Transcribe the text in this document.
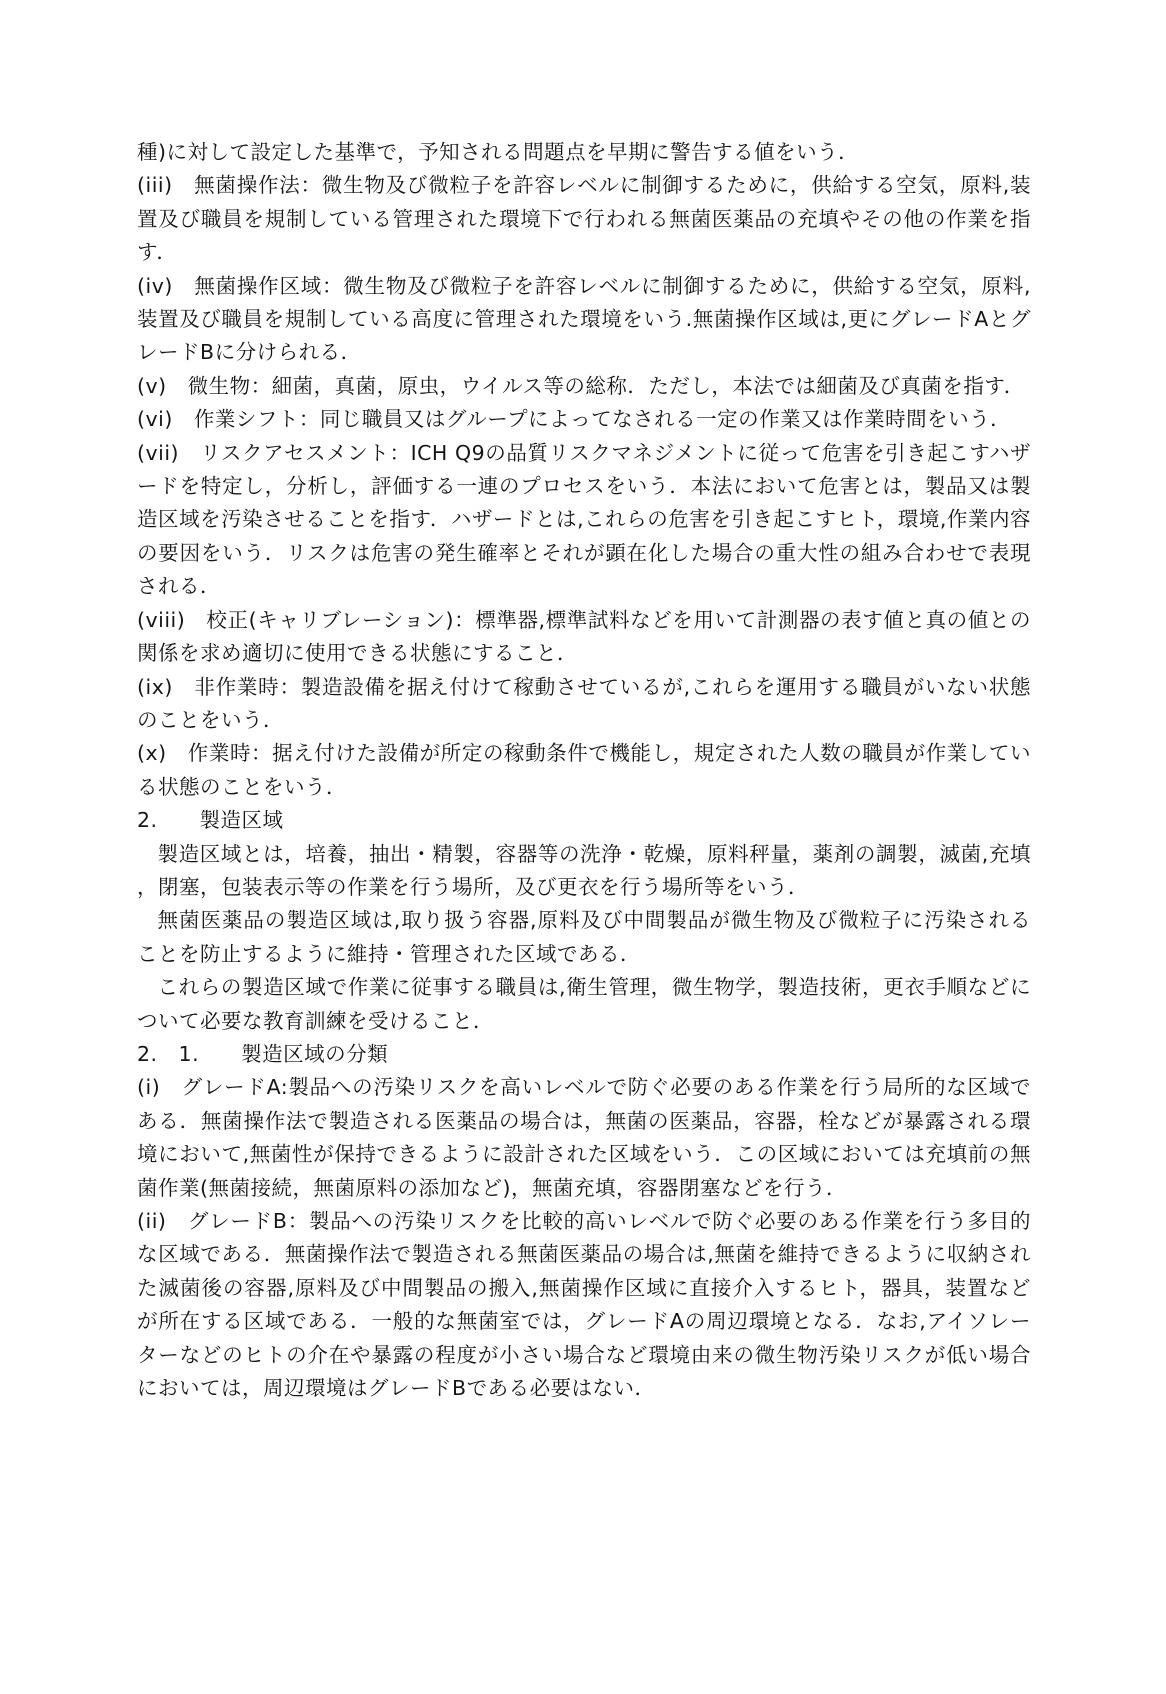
種)に対して設定した基準で，予知される問題点を早期に警告する値をいう．

(iii)　無菌操作法：微生物及び微粒子を許容レベルに制御するために，供給する空気，原料,装置及び職員を規制している管理された環境下で行われる無菌医薬品の充填やその他の作業を指す．

(iv)　無菌操作区域：微生物及び微粒子を許容レベルに制御するために，供給する空気，原料,装置及び職員を規制している高度に管理された環境をいう.無菌操作区域は,更にグレードAとグレードBに分けられる．

(v)　微生物：細菌，真菌，原虫，ウイルス等の総称．ただし，本法では細菌及び真菌を指す．

(vi)　作業シフト：同じ職員又はグループによってなされる一定の作業又は作業時間をいう．

(vii)　リスクアセスメント：ICH Q9の品質リスクマネジメントに従って危害を引き起こすハザードを特定し，分析し，評価する一連のプロセスをいう．本法において危害とは，製品又は製造区域を汚染させることを指す．ハザードとは,これらの危害を引き起こすヒト，環境,作業内容の要因をいう．リスクは危害の発生確率とそれが顕在化した場合の重大性の組み合わせで表現される．

(viii)　校正(キャリブレーション)：標準器,標準試料などを用いて計測器の表す値と真の値との関係を求め適切に使用できる状態にすること．

(ix)　非作業時：製造設備を据え付けて稼動させているが,これらを運用する職員がいない状態のことをいう．

(x)　作業時：据え付けた設備が所定の稼動条件で機能し，規定された人数の職員が作業している状態のことをいう．

2.　　製造区域

製造区域とは，培養，抽出・精製，容器等の洗浄・乾燥，原料秤量，薬剤の調製，滅菌,充填，閉塞，包装表示等の作業を行う場所，及び更衣を行う場所等をいう．

無菌医薬品の製造区域は,取り扱う容器,原料及び中間製品が微生物及び微粒子に汚染されることを防止するように維持・管理された区域である．

これらの製造区域で作業に従事する職員は,衛生管理，微生物学，製造技術，更衣手順などについて必要な教育訓練を受けること．

2.　1.　　製造区域の分類

(i)　グレードA:製品への汚染リスクを高いレベルで防ぐ必要のある作業を行う局所的な区域である．無菌操作法で製造される医薬品の場合は，無菌の医薬品，容器，栓などが暴露される環境において,無菌性が保持できるように設計された区域をいう．この区域においては充填前の無菌作業(無菌接続，無菌原料の添加など)，無菌充填，容器閉塞などを行う．

(ii)　グレードB：製品への汚染リスクを比較的高いレベルで防ぐ必要のある作業を行う多目的な区域である．無菌操作法で製造される無菌医薬品の場合は,無菌を維持できるように収納された滅菌後の容器,原料及び中間製品の搬入,無菌操作区域に直接介入するヒト，器具，装置などが所在する区域である．一般的な無菌室では，グレードAの周辺環境となる．なお,アイソレーターなどのヒトの介在や暴露の程度が小さい場合など環境由来の微生物汚染リスクが低い場合においては，周辺環境はグレードBである必要はない．
